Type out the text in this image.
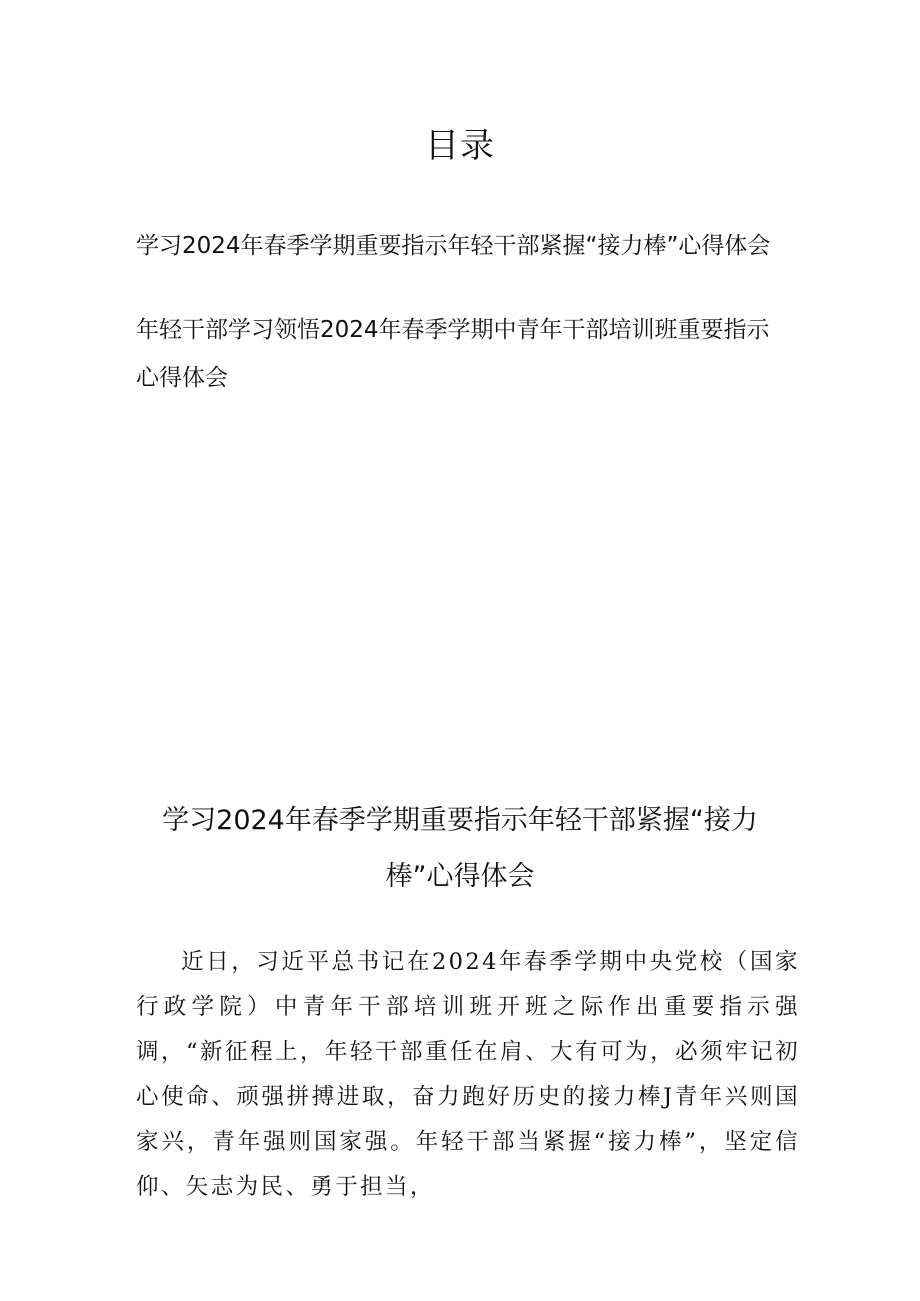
目录
学习2024年春季学期重要指示年轻干部紧握“接力棒”心得体会
年轻干部学习领悟2024年春季学期中青年干部培训班重要指示心得体会
学习2024年春季学期重要指示年轻干部紧握“接力棒”心得体会
近日，习近平总书记在2024年春季学期中央党校（国家行政学院）中青年干部培训班开班之际作出重要指示强调，“新征程上，年轻干部重任在肩、大有可为，必须牢记初心使命、顽强拼搏进取，奋力跑好历史的接力棒J青年兴则国家兴，青年强则国家强。年轻干部当紧握“接力棒”，坚定信仰、矢志为民、勇于担当，
